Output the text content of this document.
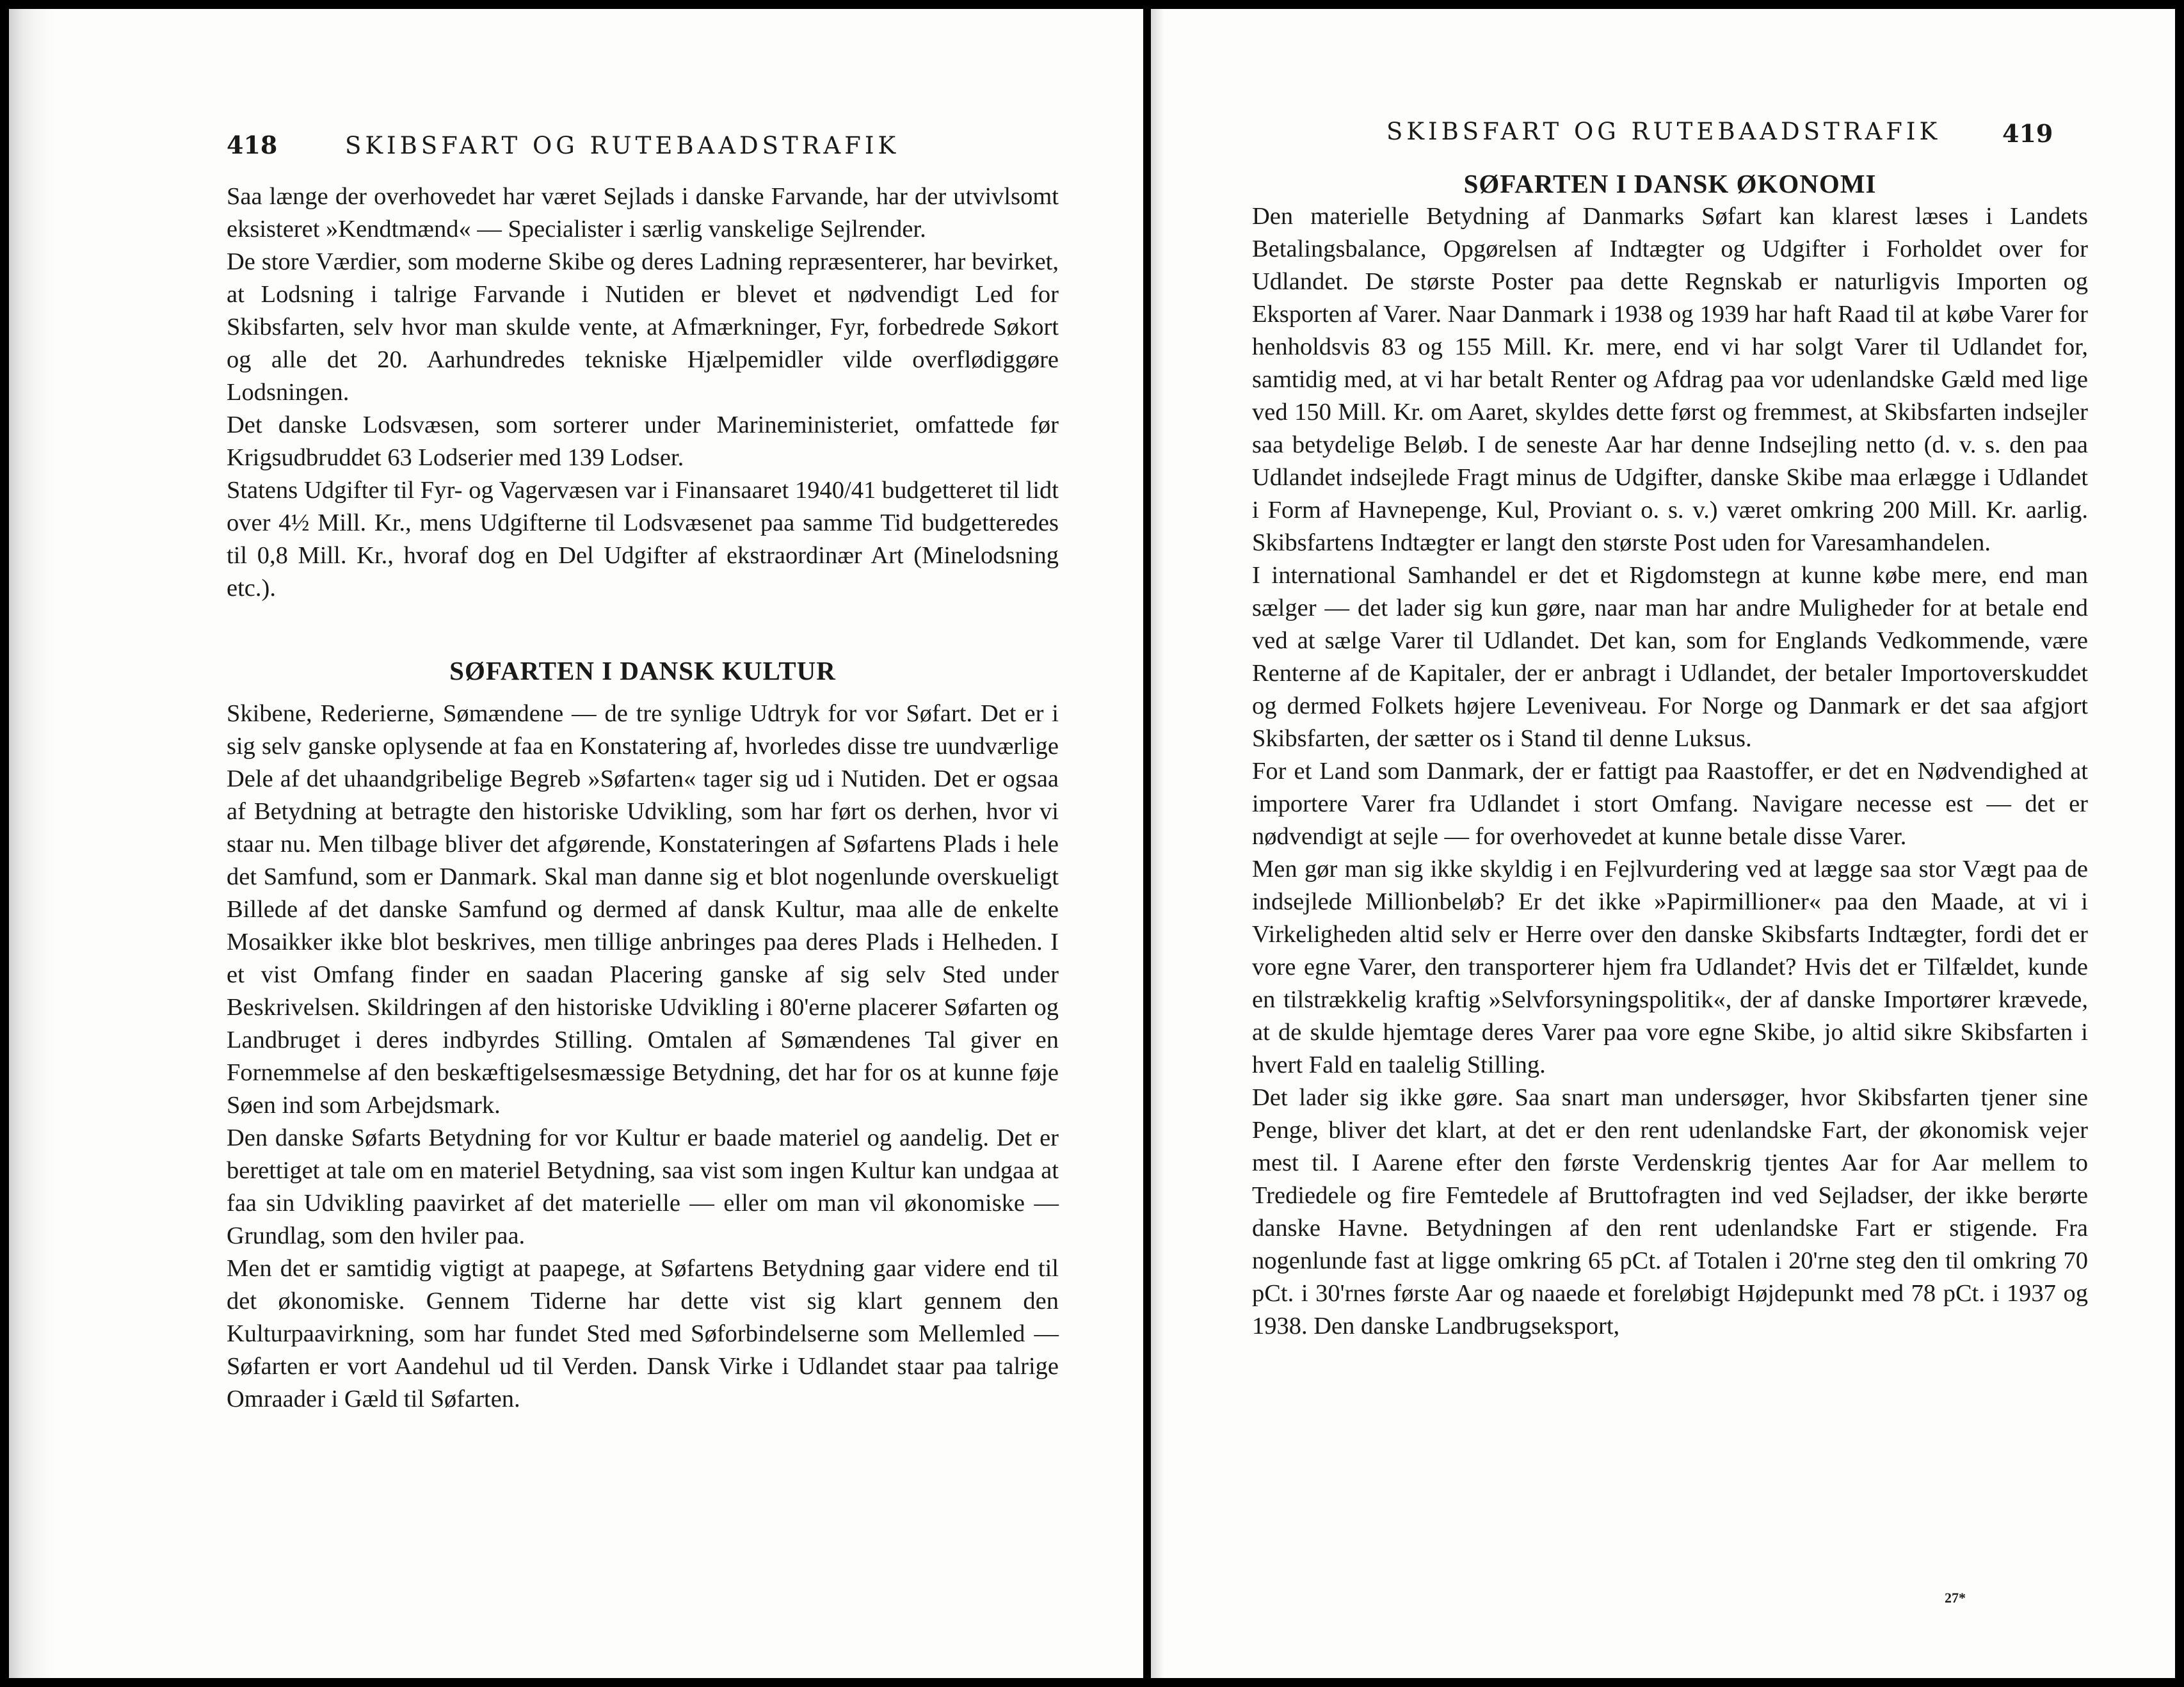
418	SKIBSFART OG RUTEBAADSTRAFIK

Saa længe der overhovedet har været Sejlads i danske Farvande, har der utvivlsomt eksisteret »Kendtmænd« — Specialister i særlig vanskelige Sejlrender.

De store Værdier, som moderne Skibe og deres Ladning repræsenterer, har bevirket, at Lodsning i talrige Farvande i Nutiden er blevet et nødvendigt Led for Skibsfarten, selv hvor man skulde vente, at Afmærkninger, Fyr, forbedrede Søkort og alle det 20. Aarhundredes tekniske Hjælpemidler vilde overflødiggøre Lodsningen.

Det danske Lodsvæsen, som sorterer under Marineministeriet, omfattede før Krigsudbruddet 63 Lodserier med 139 Lodser.

Statens Udgifter til Fyr- og Vagervæsen var i Finansaaret 1940/41 budgetteret til lidt over 4½ Mill. Kr., mens Udgifterne til Lodsvæsenet paa samme Tid budgetteredes til 0,8 Mill. Kr., hvoraf dog en Del Udgifter af ekstraordinær Art (Minelodsning etc.).

SØFARTEN I DANSK KULTUR

Skibene, Rederierne, Sømændene — de tre synlige Udtryk for vor Søfart. Det er i sig selv ganske oplysende at faa en Konstatering af, hvorledes disse tre uundværlige Dele af det uhaandgribelige Begreb »Søfarten« tager sig ud i Nutiden. Det er ogsaa af Betydning at betragte den historiske Udvikling, som har ført os derhen, hvor vi staar nu. Men tilbage bliver det afgørende, Konstateringen af Søfartens Plads i hele det Samfund, som er Danmark. Skal man danne sig et blot nogenlunde overskueligt Billede af det danske Samfund og dermed af dansk Kultur, maa alle de enkelte Mosaikker ikke blot beskrives, men tillige anbringes paa deres Plads i Helheden. I et vist Omfang finder en saadan Placering ganske af sig selv Sted under Beskrivelsen. Skildringen af den historiske Udvikling i 80'erne placerer Søfarten og Landbruget i deres indbyrdes Stilling. Omtalen af Sømændenes Tal giver en Fornemmelse af den beskæftigelsesmæssige Betydning, det har for os at kunne føje Søen ind som Arbejdsmark.

Den danske Søfarts Betydning for vor Kultur er baade materiel og aandelig. Det er berettiget at tale om en materiel Betydning, saa vist som ingen Kultur kan undgaa at faa sin Udvikling paavirket af det materielle — eller om man vil økonomiske — Grundlag, som den hviler paa.

Men det er samtidig vigtigt at paapege, at Søfartens Betydning gaar videre end til det økonomiske. Gennem Tiderne har dette vist sig klart gennem den Kulturpaavirkning, som har fundet Sted med Søforbindelserne som Mellemled — Søfarten er vort Aandehul ud til Verden. Dansk Virke i Udlandet staar paa talrige Omraader i Gæld til Søfarten.

SKIBSFART OG RUTEBAADSTRAFIK	419
SØFARTEN I DANSK ØKONOMI

Den materielle Betydning af Danmarks Søfart kan klarest læses i Landets Betalingsbalance, Opgørelsen af Indtægter og Udgifter i Forholdet over for Udlandet. De største Poster paa dette Regnskab er naturligvis Importen og Eksporten af Varer. Naar Danmark i 1938 og 1939 har haft Raad til at købe Varer for henholdsvis 83 og 155 Mill. Kr. mere, end vi har solgt Varer til Udlandet for, samtidig med, at vi har betalt Renter og Afdrag paa vor udenlandske Gæld med lige ved 150 Mill. Kr. om Aaret, skyldes dette først og fremmest, at Skibsfarten indsejler saa betydelige Beløb. I de seneste Aar har denne Indsejling netto (d. v. s. den paa Udlandet indsejlede Fragt minus de Udgifter, danske Skibe maa erlægge i Udlandet i Form af Havnepenge, Kul, Proviant o. s. v.) været omkring 200 Mill. Kr. aarlig. Skibsfartens Indtægter er langt den største Post uden for Varesamhandelen.

I international Samhandel er det et Rigdomstegn at kunne købe mere, end man sælger — det lader sig kun gøre, naar man har andre Muligheder for at betale end ved at sælge Varer til Udlandet. Det kan, som for Englands Vedkommende, være Renterne af de Kapitaler, der er anbragt i Udlandet, der betaler Importoverskuddet og dermed Folkets højere Leveniveau. For Norge og Danmark er det saa afgjort Skibsfarten, der sætter os i Stand til denne Luksus.

For et Land som Danmark, der er fattigt paa Raastoffer, er det en Nødvendighed at importere Varer fra Udlandet i stort Omfang. Navigare necesse est — det er nødvendigt at sejle — for overhovedet at kunne betale disse Varer.

Men gør man sig ikke skyldig i en Fejlvurdering ved at lægge saa stor Vægt paa de indsejlede Millionbeløb? Er det ikke »Papirmillioner« paa den Maade, at vi i Virkeligheden altid selv er Herre over den danske Skibsfarts Indtægter, fordi det er vore egne Varer, den transporterer hjem fra Udlandet? Hvis det er Tilfældet, kunde en tilstrækkelig kraftig »Selvforsyningspolitik«, der af danske Importører krævede, at de skulde hjemtage deres Varer paa vore egne Skibe, jo altid sikre Skibsfarten i hvert Fald en taalelig Stilling.

Det lader sig ikke gøre. Saa snart man undersøger, hvor Skibsfarten tjener sine Penge, bliver det klart, at det er den rent udenlandske Fart, der økonomisk vejer mest til. I Aarene efter den første Verdenskrig tjentes Aar for Aar mellem to Trediedele og fire Femtedele af Bruttofragten ind ved Sejladser, der ikke berørte danske Havne. Betydningen af den rent udenlandske Fart er stigende. Fra nogenlunde fast at ligge omkring 65 pCt. af Totalen i 20'rne steg den til omkring 70 pCt. i 30'rnes første Aar og naaede et foreløbigt Højdepunkt med 78 pCt. i 1937 og 1938. Den danske Landbrugseksport,

27*
